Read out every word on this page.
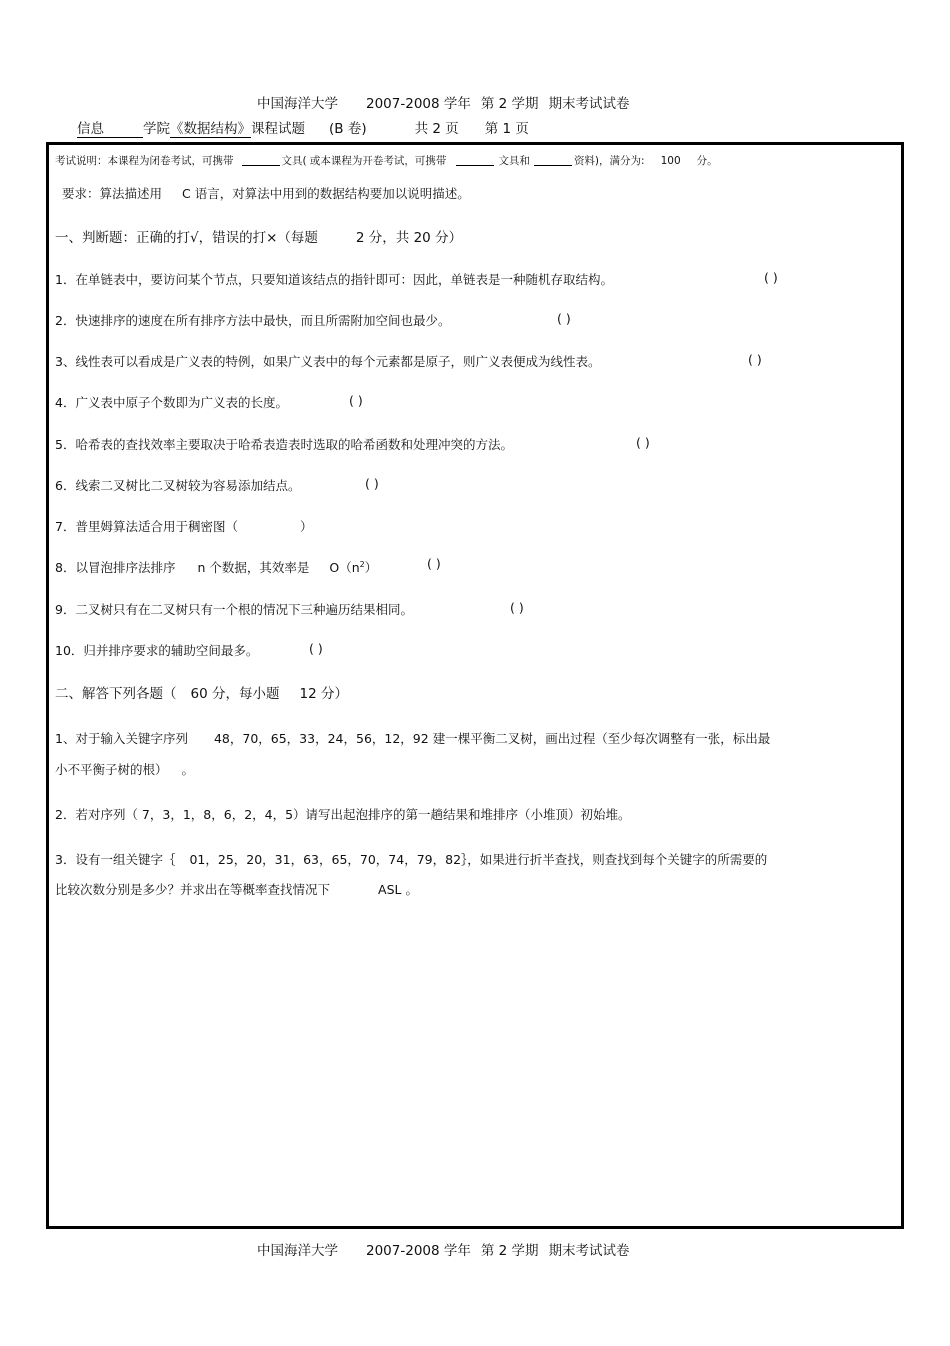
中国海洋大学 2007-2008 学年 第 2 学期 期末考试试卷
信息	学院《数据结构》课程试题 (B 卷)	共 2 页 第 1 页
考试说明：本课程为闭卷考试，可携带	文具( 或本课程为开卷考试，可携带	文具和	资料)，满分为: 100 分。
要求：算法描述用 C 语言，对算法中用到的数据结构要加以说明描述。
一、判断题：正确的打√，错误的打×（每题	2 分，共 20 分）
1．在单链表中，要访问某个节点，只要知道该结点的指针即可：因此，单链表是一种随机存取结构。	( )
2．快速排序的速度在所有排序方法中最快，而且所需附加空间也最少。	( )
3、线性表可以看成是广义表的特例，如果广义表中的每个元素都是原子，则广义表便成为线性表。	( )
4．广义表中原子个数即为广义表的长度。	( )
5．哈希表的查找效率主要取决于哈希表造表时选取的哈希函数和处理冲突的方法。	( )
6．线索二叉树比二叉树较为容易添加结点。	( )
7．普里姆算法适合用于稠密图（	）
8．以冒泡排序法排序 n 个数据，其效率是 $O(n^2)$	( )
9．二叉树只有在二叉树只有一个根的情况下三种遍历结果相同。	( )
10．归并排序要求的辅助空间最多。	( )
二、解答下列各题（ 60 分，每小题 12 分）
1、对于输入关键字序列 48，70，65，33，24，56，12，92 建一棵平衡二叉树，画出过程（至少每次调整有一张，标出最
小不平衡子树的根） 。
2．若对序列（ 7，3，1，8，6，2，4，5）请写出起泡排序的第一趟结果和堆排序（小堆顶）初始堆。
3．设有一组关键字｛ 01，25，20，31，63，65，70，74，79，82｝，如果进行折半查找，则查找到每个关键字的所需要的
比较次数分别是多少？并求出在等概率查找情况下	ASL 。
中国海洋大学 2007-2008 学年 第 2 学期 期末考试试卷
